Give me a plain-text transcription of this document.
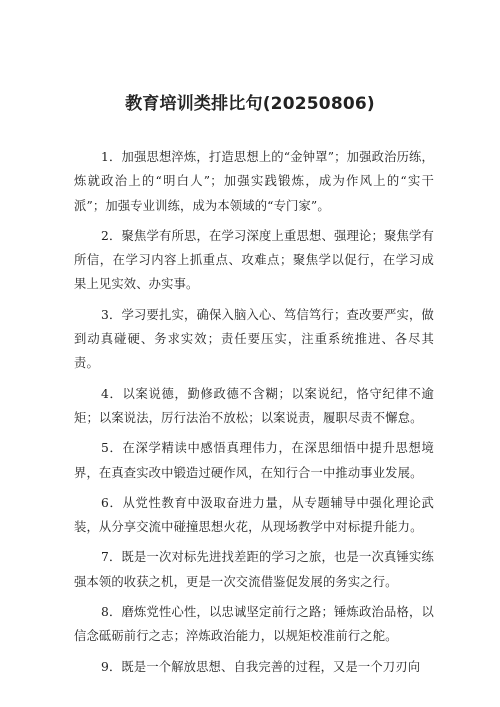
教育培训类排比句(20250806)

1．加强思想淬炼，打造思想上的“金钟罩”；加强政治历练，炼就政治上的“明白人”；加强实践锻炼，成为作风上的“实干派”；加强专业训练，成为本领域的“专门家”。

2．聚焦学有所思，在学习深度上重思想、强理论；聚焦学有所信，在学习内容上抓重点、攻难点；聚焦学以促行，在学习成果上见实效、办实事。

3．学习要扎实，确保入脑入心、笃信笃行；查改要严实，做到动真碰硬、务求实效；责任要压实，注重系统推进、各尽其责。

4．以案说德，勤修政德不含糊；以案说纪，恪守纪律不逾矩；以案说法，厉行法治不放松；以案说责，履职尽责不懈怠。

5．在深学精读中感悟真理伟力，在深思细悟中提升思想境界，在真查实改中锻造过硬作风，在知行合一中推动事业发展。

6．从党性教育中汲取奋进力量，从专题辅导中强化理论武装，从分享交流中碰撞思想火花，从现场教学中对标提升能力。

7．既是一次对标先进找差距的学习之旅，也是一次真锤实练强本领的收获之机，更是一次交流借鉴促发展的务实之行。

8．磨炼党性心性，以忠诚坚定前行之路；锤炼政治品格，以信念砥砺前行之志；淬炼政治能力，以规矩校准前行之舵。

9．既是一个解放思想、自我完善的过程，又是一个刀刃向
